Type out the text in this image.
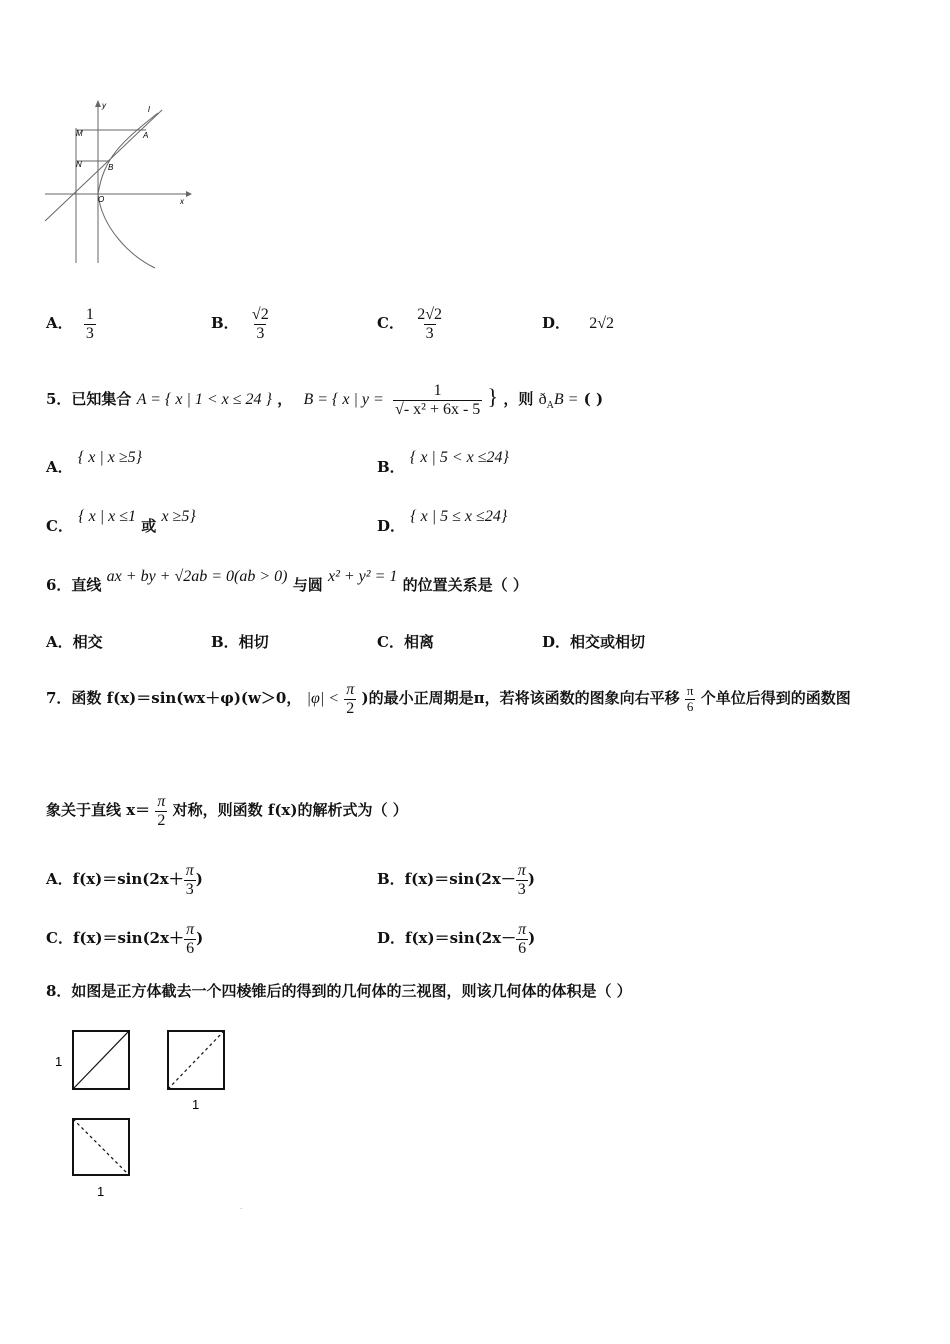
y
x
l
M	A
N	B
O
A． $\frac{1}{3}$	B． $\frac{√2}{3}$	C． $\frac{2√2}{3}$	D． 2√2
5．已知集合 A = { x | 1 < x ≤ 24 } ， B = { x | $y = \frac{1}{\text{√- x² + 6x - 5}}$ } ，则 $ð_AB$ = ( )
A． { x | x ≥5}
B． { x | 5 < x ≤24}
C． { x | x ≤1 或 x ≥5}
D． { x | 5 ≤ x ≤24}
6．直线 ax + by + √2ab = 0(ab > 0) 与圆 x² + y² = 1 的位置关系是（ ）
A．相交	B．相切	C．相离	D．相交或相切
7．函数 f(x)＝sin(wx＋φ)(w＞0， $|\varphi| < \frac{\pi}{2}$ )的最小正周期是π，若将该函数的图象向右平移 $\frac{\pi}{6}$ 个单位后得到的函数图
象关于直线 $x= \frac{\pi}{2}$ 对称，则函数 f(x)的解析式为（ ）
A．$f(x)=\sin(2x+ \frac{\pi}{3}$ )	B．$f(x)=\sin(2x- \frac{\pi}{3}$ )
C．$f(x)=\sin(2x+ \frac{\pi}{6}$ )	D．$f(x)=\sin(2x- \frac{\pi}{6}$ )
8．如图是正方体截去一个四棱锥后的得到的几何体的三视图，则该几何体的体积是（ ）
1
1
1
.
